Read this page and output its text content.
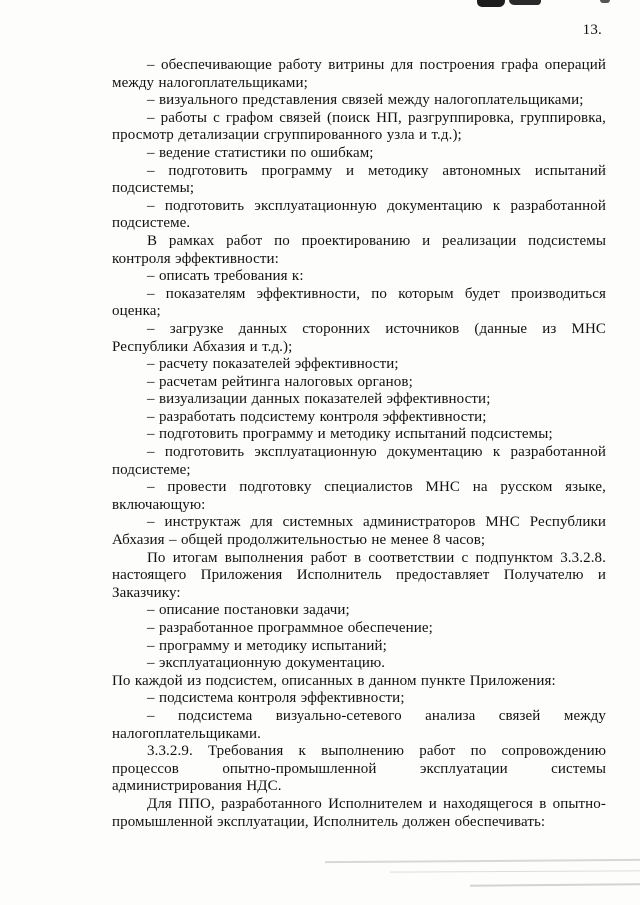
13.

– обеспечивающие работу витрины для построения графа операций между налогоплательщиками;

– визуального представления связей между налогоплательщиками;

– работы с графом связей (поиск НП, разгруппировка, группировка, просмотр детализации сгруппированного узла и т.д.);

– ведение статистики по ошибкам;

– подготовить программу и методику автономных испытаний подсистемы;

– подготовить эксплуатационную документацию к разработанной подсистеме.

В рамках работ по проектированию и реализации подсистемы контроля эффективности:

– описать требования к:

– показателям эффективности, по которым будет производиться оценка;

– загрузке данных сторонних источников (данные из МНС Республики Абхазия и т.д.);

– расчету показателей эффективности;

– расчетам рейтинга налоговых органов;

– визуализации данных показателей эффективности;

– разработать подсистему контроля эффективности;

– подготовить программу и методику испытаний подсистемы;

– подготовить эксплуатационную документацию к разработанной подсистеме;

– провести подготовку специалистов МНС на русском языке, включающую:

– инструктаж для системных администраторов МНС Республики Абхазия – общей продолжительностью не менее 8 часов;

По итогам выполнения работ в соответствии с подпунктом 3.3.2.8. настоящего Приложения Исполнитель предоставляет Получателю и Заказчику:

– описание постановки задачи;

– разработанное программное обеспечение;

– программу и методику испытаний;

– эксплуатационную документацию.

По каждой из подсистем, описанных в данном пункте Приложения:

– подсистема контроля эффективности;

– подсистема визуально-сетевого анализа связей между налогоплательщиками.

3.3.2.9. Требования к выполнению работ по сопровождению процессов опытно-промышленной эксплуатации системы администрирования НДС.

Для ППО, разработанного Исполнителем и находящегося в опытно-промышленной эксплуатации, Исполнитель должен обеспечивать:
